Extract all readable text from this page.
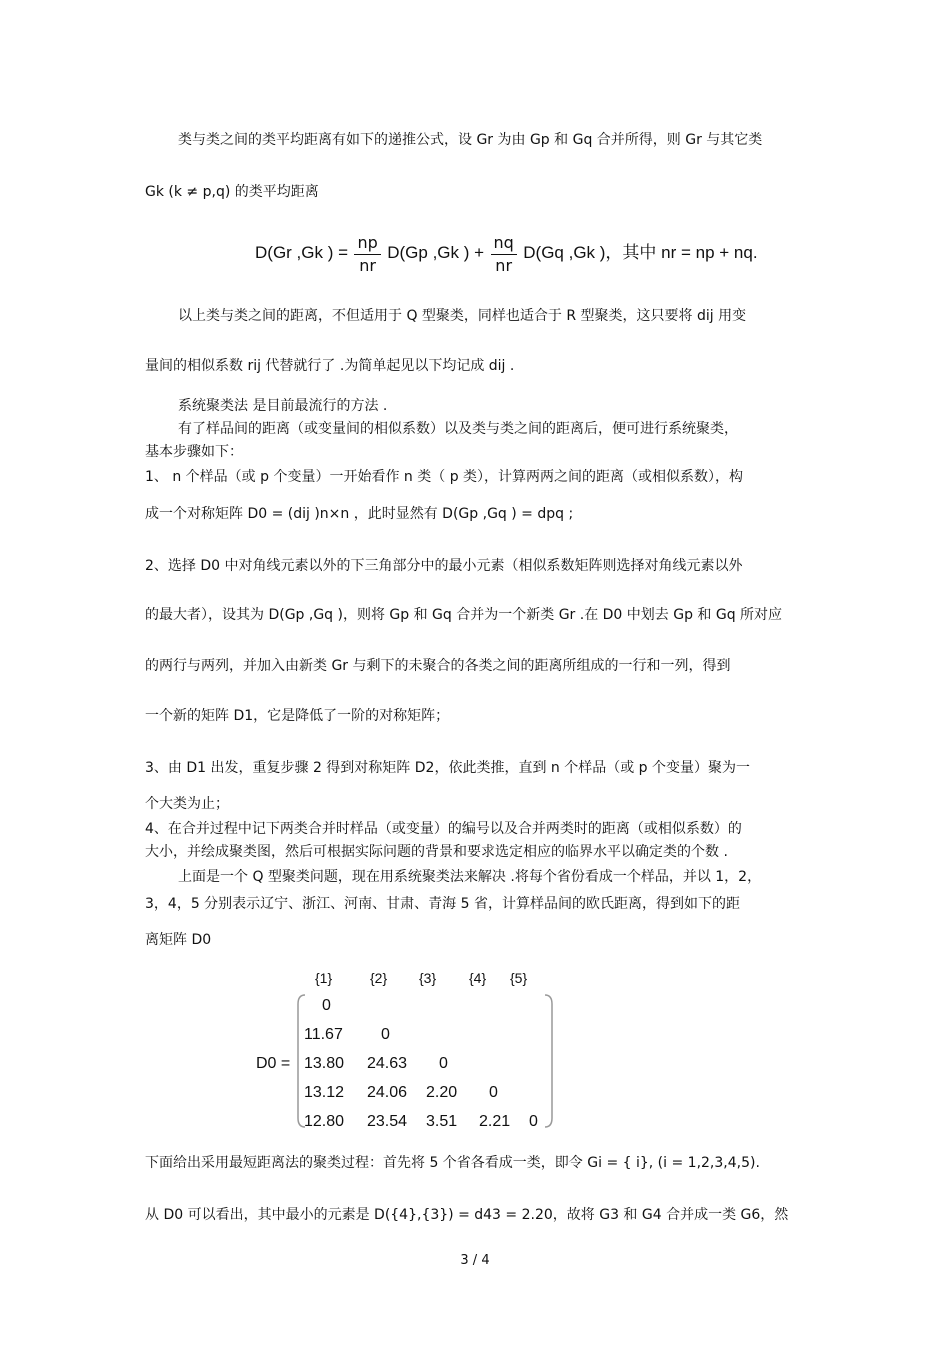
类与类之间的类平均距离有如下的递推公式，设 Gr 为由 Gp 和 Gq 合并所得，则 Gr 与其它类
Gk (k ≠ p,q) 的类平均距离
D(Gr ,Gk ) = $\frac{np}{nr} D(Gp$ ,Gk ) + $\frac{nq}{nr} D(Gq$ ,Gk )，其中 nr = np + nq.
以上类与类之间的距离，不但适用于 Q 型聚类，同样也适合于 R 型聚类，这只要将 dij 用变
量间的相似系数 rij 代替就行了 .为简单起见以下均记成 dij .
系统聚类法 是目前最流行的方法 .
有了样品间的距离（或变量间的相似系数）以及类与类之间的距离后，便可进行系统聚类，
基本步骤如下：
1、 n 个样品（或 p 个变量）一开始看作 n 类（ p 类），计算两两之间的距离（或相似系数），构
成一个对称矩阵 D0 = (dij )n×n ，此时显然有 D(Gp ,Gq ) = dpq ;
2、选择 D0 中对角线元素以外的下三角部分中的最小元素（相似系数矩阵则选择对角线元素以外
的最大者），设其为 D(Gp ,Gq )，则将 Gp 和 Gq 合并为一个新类 Gr .在 D0 中划去 Gp 和 Gq 所对应
的两行与两列，并加入由新类 Gr 与剩下的未聚合的各类之间的距离所组成的一行和一列，得到
一个新的矩阵 D1，它是降低了一阶的对称矩阵；
3、由 D1 出发，重复步骤 2 得到对称矩阵 D2，依此类推，直到 n 个样品（或 p 个变量）聚为一
个大类为止；
4、在合并过程中记下两类合并时样品（或变量）的编号以及合并两类时的距离（或相似系数）的
大小，并绘成聚类图，然后可根据实际问题的背景和要求选定相应的临界水平以确定类的个数 .
上面是一个 Q 型聚类问题，现在用系统聚类法来解决 .将每个省份看成一个样品，并以 1，2，
3，4，5 分别表示辽宁、浙江、河南、甘肃、青海 5 省，计算样品间的欧氏距离，得到如下的距
离矩阵 D0
{1}	{2} {3} {4} {5}
D0 =
0
11.67 0
13.80 24.63 0
13.12 24.06 2.20 0
12.80 23.54 3.51 2.21 0
下面给出采用最短距离法的聚类过程：首先将 5 个省各看成一类，即令 Gi = { i}, (i = 1,2,3,4,5).
从 D0 可以看出，其中最小的元素是 D({4},{3}) = d43 = 2.20，故将 G3 和 G4 合并成一类 G6，然
3 / 4
